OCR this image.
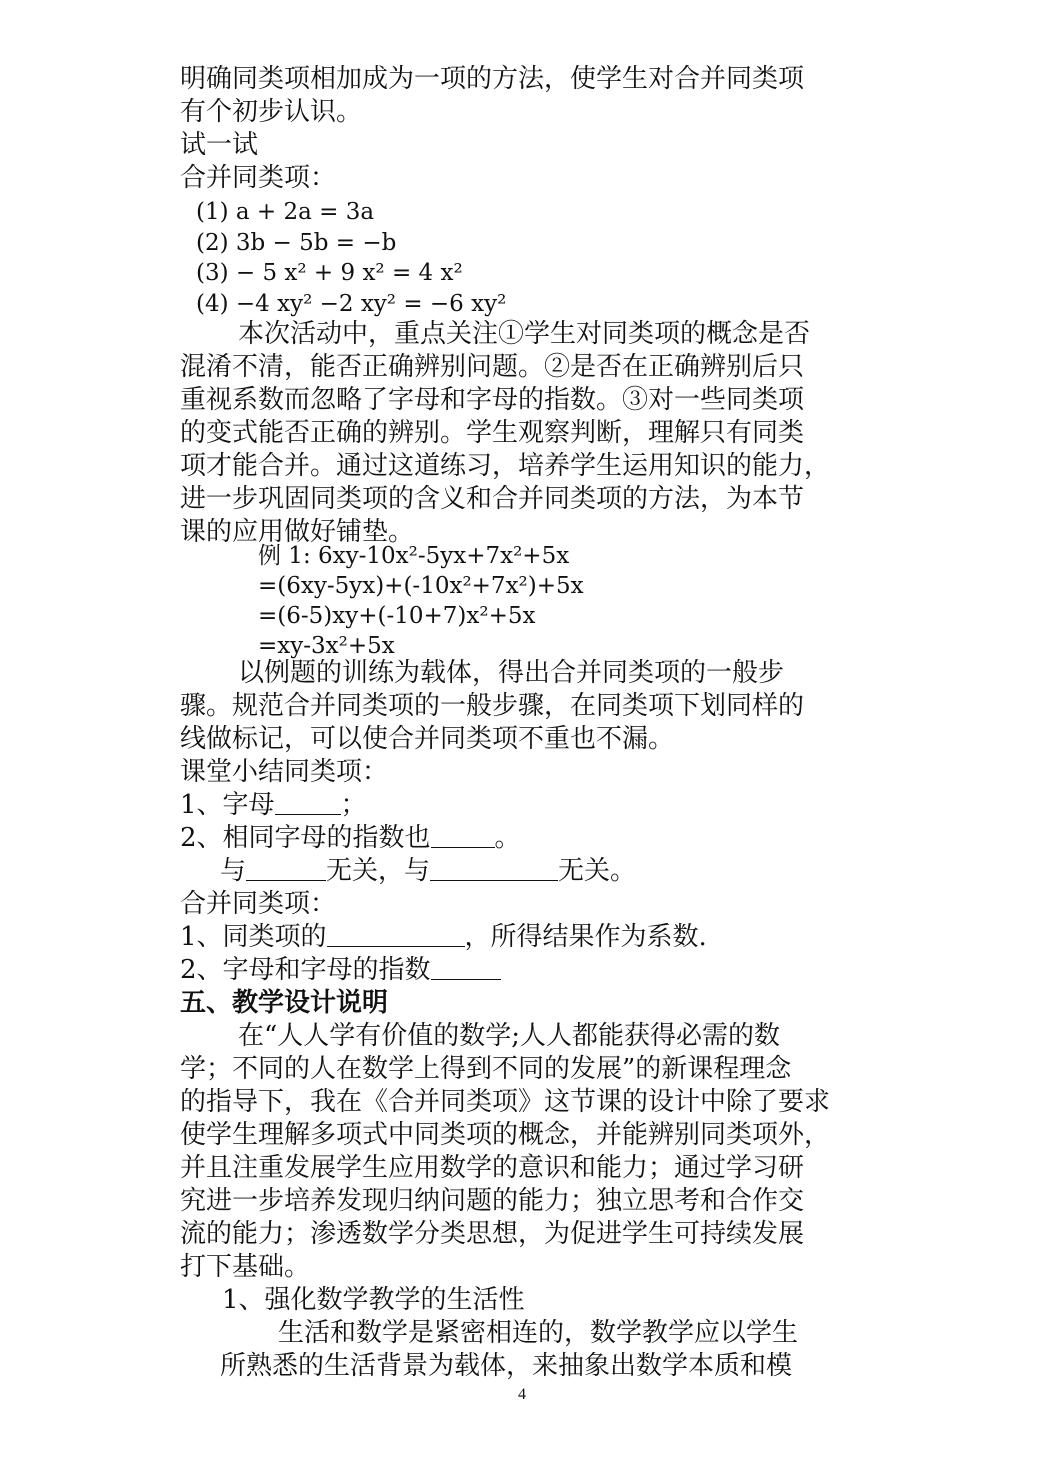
明确同类项相加成为一项的方法，使学生对合并同类项
有个初步认识。
试一试
合并同类项：
(1) a + 2a = 3a
(2) 3b − 5b = −b
(3) − 5 x² + 9 x² = 4 x²
(4) −4 xy² −2 xy² = −6 xy²
本次活动中，重点关注①学生对同类项的概念是否
混淆不清，能否正确辨别问题。②是否在正确辨别后只
重视系数而忽略了字母和字母的指数。③对一些同类项
的变式能否正确的辨别。学生观察判断，理解只有同类
项才能合并。通过这道练习，培养学生运用知识的能力，
进一步巩固同类项的含义和合并同类项的方法，为本节
课的应用做好铺垫。
例 1: 6xy-10x²-5yx+7x²+5x
=(6xy-5yx)+(-10x²+7x²)+5x
=(6-5)xy+(-10+7)x²+5x
=xy-3x²+5x
以例题的训练为载体，得出合并同类项的一般步
骤。规范合并同类项的一般步骤，在同类项下划同样的
线做标记，可以使合并同类项不重也不漏。
课堂小结同类项：
1、字母	；
2、相同字母的指数也 。
与	无关，与	无关。
合并同类项：
1、同类项的	，所得结果作为系数.
2、字母和字母的指数
五、教学设计说明
在“人人学有价值的数学;人人都能获得必需的数
学；不同的人在数学上得到不同的发展”的新课程理念
的指导下，我在《合并同类项》这节课的设计中除了要求
使学生理解多项式中同类项的概念，并能辨别同类项外，
并且注重发展学生应用数学的意识和能力；通过学习研
究进一步培养发现归纳问题的能力；独立思考和合作交
流的能力；渗透数学分类思想，为促进学生可持续发展
打下基础。
1、强化数学教学的生活性
生活和数学是紧密相连的，数学教学应以学生
所熟悉的生活背景为载体，来抽象出数学本质和模
4
